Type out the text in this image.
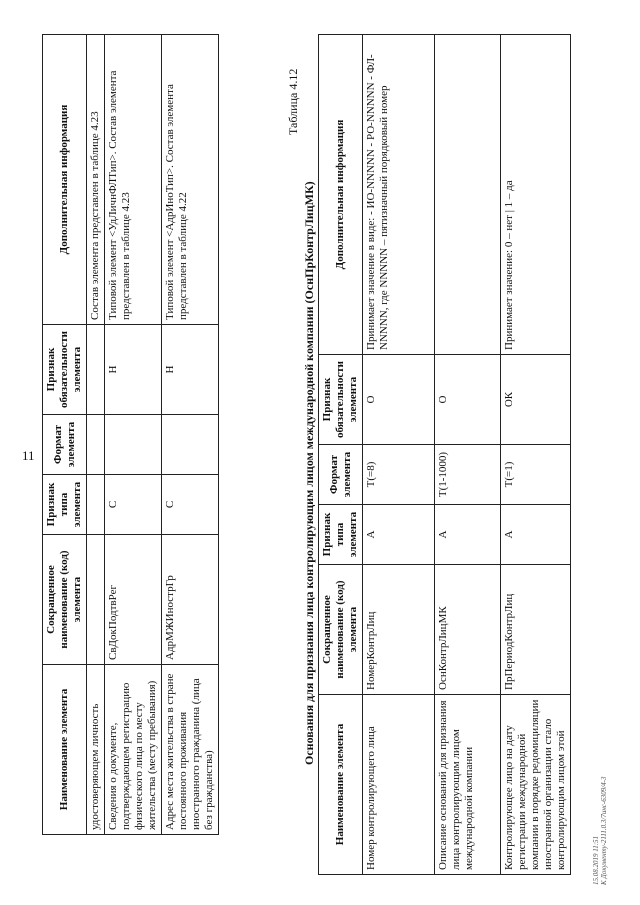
11
Наименование элемента	Сокращенное наименование (код) элемента	Признак типа элемента	Формат элемента	Признак обязательности элемента	Дополнительная информация
удостоверяющем личность					Состав элемента представлен в таблице 4.23
Сведения о документе, подтверждающем регистрацию физического лица по месту жительства (месту пребывания)	СвДокПодтвРег	С		Н	Типовой элемент <УдЛичнФЛТип>. Состав элемента представлен в таблице 4.23
Адрес места жительства в стране постоянного проживания иностранного гражданина (лица без гражданства)	АдрМЖИнострГр	С		Н	Типовой элемент <АдрИноТип>. Состав элемента представлен в таблице 4.22
Таблица 4.12
Основания для признания лица контролирующим лицом международной компании (ОснПрКонтрЛицМК)
Наименование элемента	Сокращенное наименование (код) элемента	Признак типа элемента	Формат элемента	Признак обязательности элемента	Дополнительная информация
Номер контролирующего лица	НомерКонтрЛиц	А	T(=8)	О	Принимает значение в виде: - ИО-NNNNN - РО-NNNNN - ФЛ-NNNNN, где NNNNN – пятизначный порядковый номер
Описание оснований для признания лица контролирующим лицом международной компании	ОснКонтрЛицМК	А	T(1-1000)	О	
Контролирующее лицо на дату регистрации международной компании в порядке редомициляции иностранной организации стало контролирующим лицом этой	ПрПериодКонтрЛиц	А	T(=1)	ОК	Принимает значение: 0 – нет | 1 – да
15.08.2019 11:51 К Документу-2111.0.3/7инс-6309/4-3
